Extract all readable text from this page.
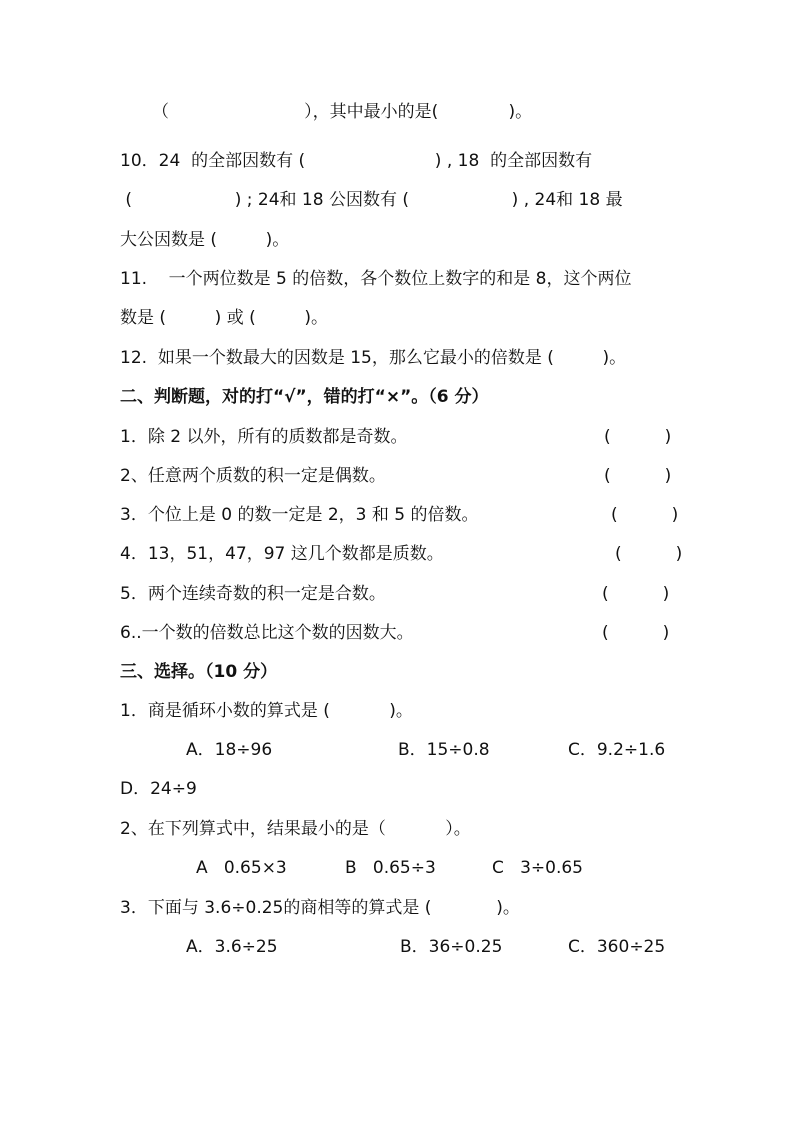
（                         ），其中最小的是(             )。
10．24  的全部因数有 (                        ) , 18  的全部因数有
(                   ) ; 24和 18 公因数有 (                   ) , 24和 18 最
大公因数是 (         )。
11.    一个两位数是 5 的倍数，各个数位上数字的和是 8，这个两位
数是 (         ) 或 (         )。
12.  如果一个数最大的因数是 15，那么它最小的倍数是 (         )。
二、判断题，对的打“√”，错的打“×”。（6 分）
1．除 2 以外，所有的质数都是奇数。	(          )
2、任意两个质数的积一定是偶数。	(          )
3．个位上是 0 的数一定是 2，3 和 5 的倍数。	(          )
4．13，51，47，97 这几个数都是质数。	(          )
5．两个连续奇数的积一定是合数。	(          )
6..一个数的倍数总比这个数的因数大。	(          )
三、选择。（10 分）
1．商是循环小数的算式是 (           )。
A．18÷96	B．15÷0.8	C．9.2÷1.6
D．24÷9
2、在下列算式中，结果最小的是（           ）。
A   0.65×3	B   0.65÷3	C   3÷0.65
3．下面与 3.6÷0.25的商相等的算式是 (            )。
A．3.6÷25	B．36÷0.25	C．360÷25
